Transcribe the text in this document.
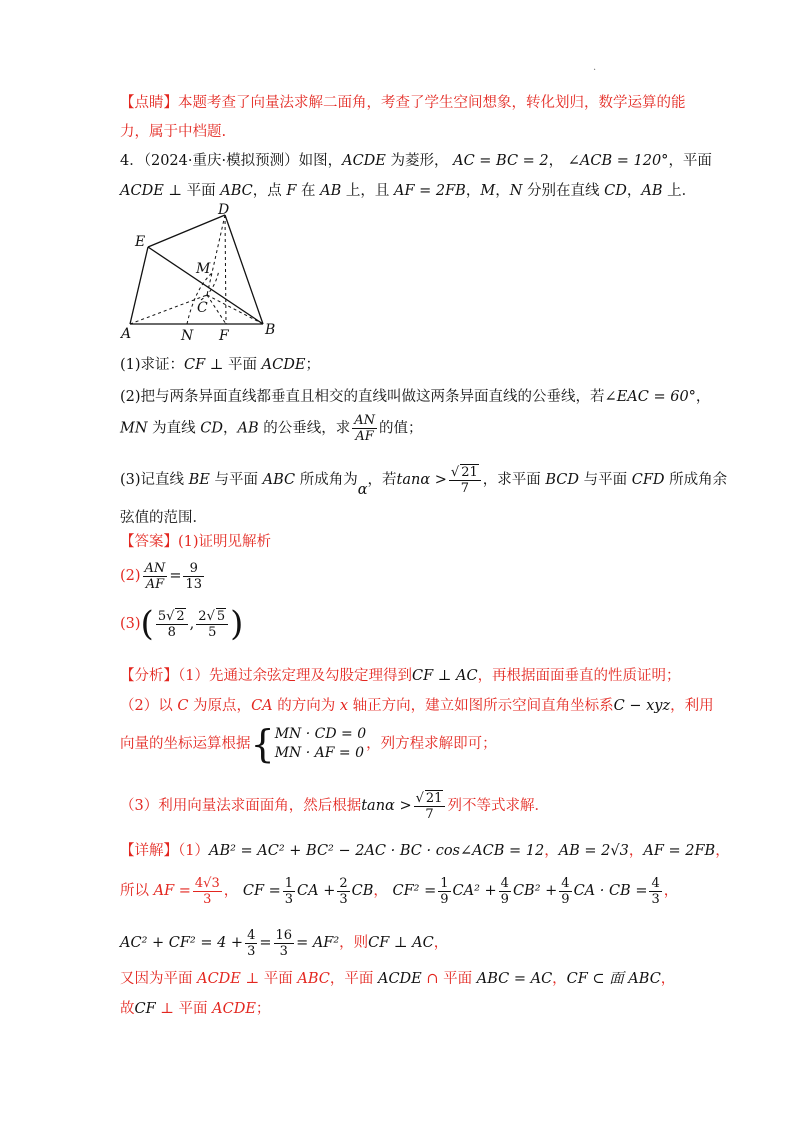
.
【点睛】本题考查了向量法求解二面角，考查了学生空间想象，转化划归，数学运算的能
力，属于中档题.
4．（2024·重庆·模拟预测）如图，ACDE 为菱形， AC = BC = 2， ∠ACB = 120°，平面
ACDE ⊥ 平面 ABC，点 F 在 AB 上，且 AF = 2FB，M，N 分别在直线 CD，AB 上．
D
E
M
C
A	N F	B
(1)求证：CF ⊥ 平面 ACDE；
(2)把与两条异面直线都垂直且相交的直线叫做这两条异面直线的公垂线，若∠EAC = 60°，
MN 为直线 CD，AB 的公垂线，求 $\frac{AN}{AF}$ 的值；
(3)记直线 BE 与平面 ABC 所成角为α，若$\tan\alpha > \frac{√ 21}{7}$ ，求平面 BCD 与平面 CFD 所成角余
弦值的范围．
【答案】(1)证明见解析
$(2) \frac{AN}{AF} = \frac{9}{13}$
$(3)( \frac{5√ 2}{8}$ , $\frac{2√ 5}{5}$ )
【分析】（1）先通过余弦定理及勾股定理得到CF ⊥ AC，再根据面面垂直的性质证明；
（2）以 C 为原点，CA 的方向为 x 轴正方向，建立如图所示空间直角坐标系C − xyz，利用
向量的坐标运算根据{ MN · CD = 0
MN · AF = 0
，列方程求解即可；
（3）利用向量法求面面角，然后根据$\tan\alpha > \frac{√ 21}{7}$ 列不等式求解．
【详解】（1）AB² = AC² + BC² − 2AC · BC · cos∠ACB = 12，AB = 2√3，AF = 2FB，
所以 AF = $\frac{4√3}{3}$ ， CF = $\frac{1}{3}$ CA + $\frac{2}{3}$ CB， $CF^2 = \frac{1}{9} CA^2 + \frac{4}{9} CB^2 + \frac{4}{9}$ CA · CB = $\frac{4}{3}$ ，
$AC^2 + CF^2 = 4 + \frac{4}{3} = \frac{16}{3} = AF^2$，则CF ⊥ AC，
又因为平面 ACDE ⊥ 平面 ABC，平面 ACDE ∩ 平面 ABC = AC，CF ⊂ 面 ABC，
故CF ⊥ 平面 ACDE；
